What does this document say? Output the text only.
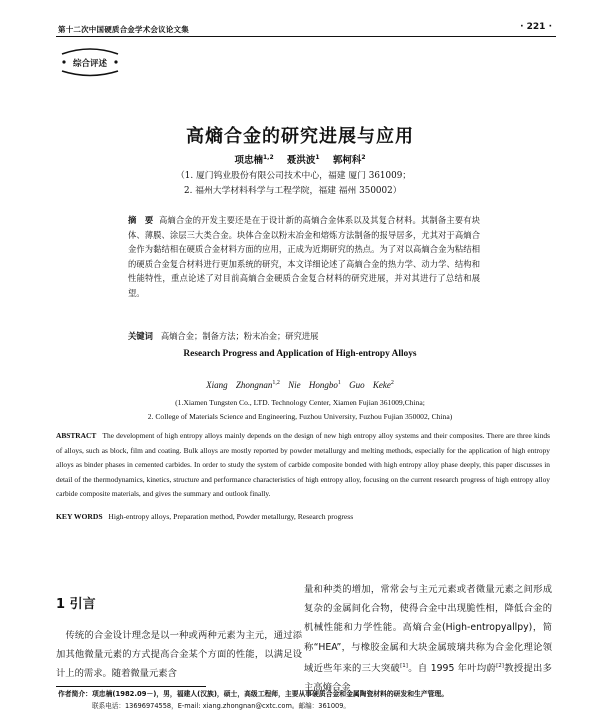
第十二次中国硬质合金学术会议论文集	· 221 ·
综合评述
高熵合金的研究进展与应用
项忠楠$^{1,2}$ 聂洪波$^1$ 郭柯科$^2$
（1. 厦门钨业股份有限公司技术中心，福建 厦门 361009；
2. 福州大学材料科学与工程学院，福建 福州 350002）
摘　要 高熵合金的开发主要还是在于设计新的高熵合金体系以及其复合材料。其制备主要有块体、薄膜、涂层三大类合金。块体合金以粉末冶金和熔炼方法制备的报导居多，尤其对于高熵合金作为黏结相在硬质合金材料方面的应用，正成为近期研究的热点。为了对以高熵合金为粘结相的硬质合金复合材料进行更加系统的研究，本文详细论述了高熵合金的热力学、动力学、结构和性能特性，重点论述了对目前高熵合金硬质合金复合材料的研究进展，并对其进行了总结和展望。
关键词 高熵合金；制备方法；粉末冶金；研究进展
Research Progress and Application of High-entropy Alloys
Xiang Zhongnan$^{1,2}$ Nie Hongbo$^1$ Guo Keke$^2$
(1.Xiamen Tungsten Co., LTD. Technology Center, Xiamen Fujian 361009,China;
2. College of Materials Science and Engineering, Fuzhou University, Fuzhou Fujian 350002, China)
ABSTRACT The development of high entropy alloys mainly depends on the design of new high entropy alloy systems and their composites. There are three kinds of alloys, such as block, film and coating. Bulk alloys are mostly reported by powder metallurgy and melting methods, especially for the application of high entropy alloys as binder phases in cemented carbides. In order to study the system of carbide composite bonded with high entropy alloy phase deeply, this paper discusses in detail of the thermodynamics, kinetics, structure and performance characteristics of high entropy alloy, focusing on the current research progress of high entropy alloy carbide composite materials, and gives the summary and outlook finally.
KEY WORDS High-entropy alloys, Preparation method, Powder metallurgy, Research progress
1 引言
 传统的合金设计理念是以一种或两种元素为主元，通过添加其他微量元素的方式提高合金某个方面的性能，以满足设计上的需求。随着微量元素含
量和种类的增加，常常会与主元元素或者微量元素之间形成复杂的金属间化合物，使得合金中出现脆性相，降低合金的机械性能和力学性能。高熵合金(High-entropyallpy)，简称“HEA”，与橡胶金属和大块金属玻璃共称为合金化理论领域近些年来的三大突破[1]。自 1995 年叶均蔚[2]教授提出多主高熵合金
作者简介：项忠楠(1982.09－)，男，福建人(汉族)，硕士，高级工程师，主要从事硬质合金和金属陶瓷材料的研发和生产管理。
联系电话：13696974558，E-mail: xiang.zhongnan@cxtc.com。邮编：361009。
